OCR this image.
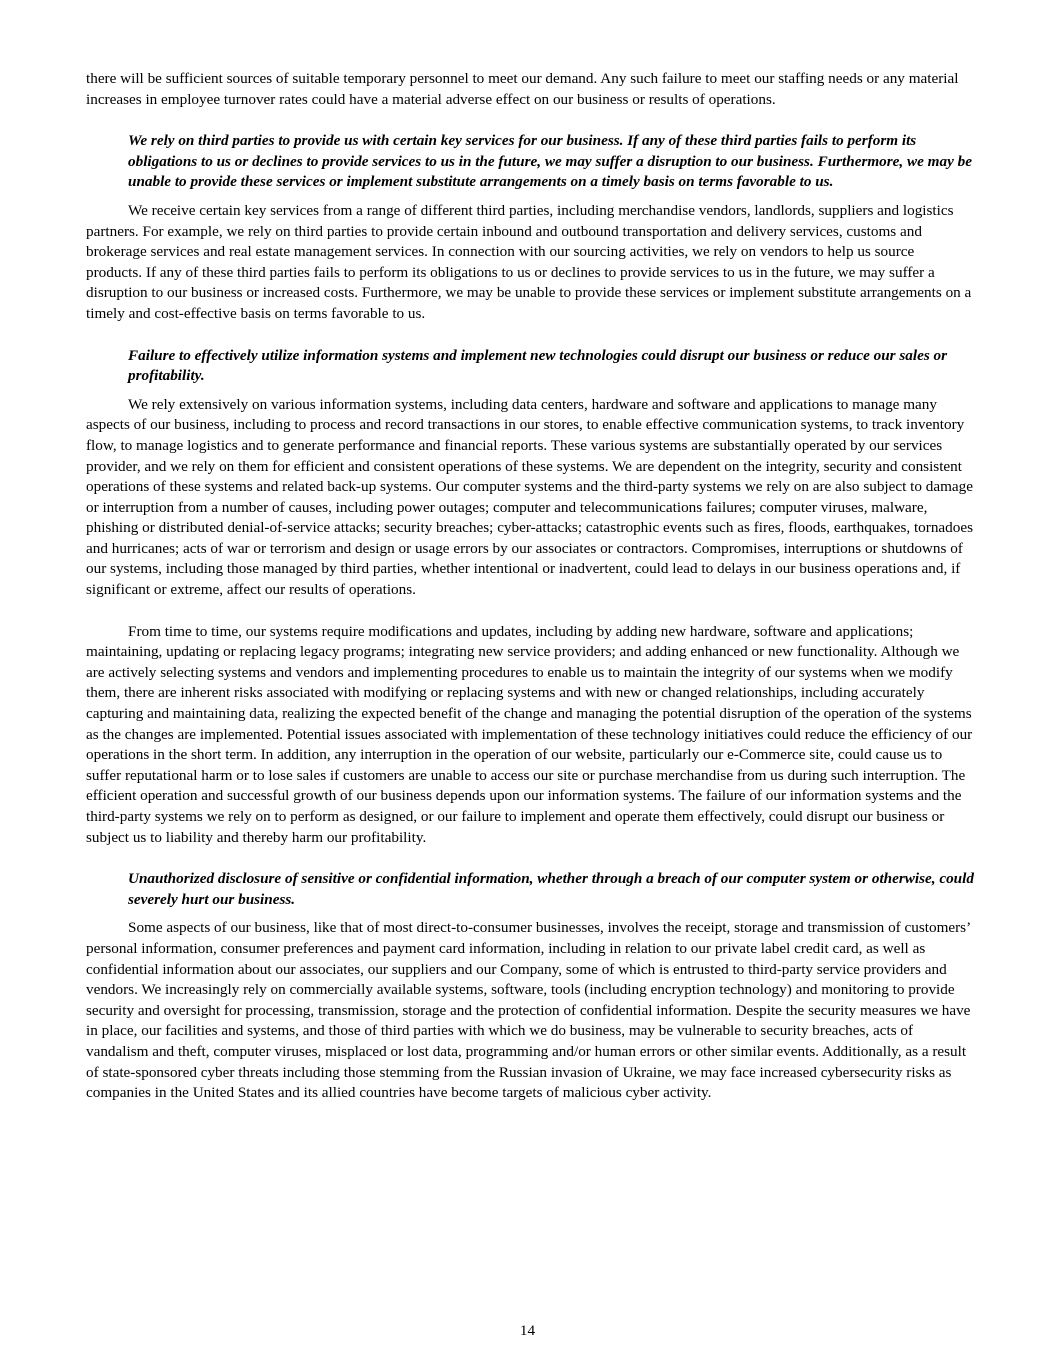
there will be sufficient sources of suitable temporary personnel to meet our demand. Any such failure to meet our staffing needs or any material increases in employee turnover rates could have a material adverse effect on our business or results of operations.

We rely on third parties to provide us with certain key services for our business. If any of these third parties fails to perform its obligations to us or declines to provide services to us in the future, we may suffer a disruption to our business. Furthermore, we may be unable to provide these services or implement substitute arrangements on a timely basis on terms favorable to us.

We receive certain key services from a range of different third parties, including merchandise vendors, landlords, suppliers and logistics partners. For example, we rely on third parties to provide certain inbound and outbound transportation and delivery services, customs and brokerage services and real estate management services. In connection with our sourcing activities, we rely on vendors to help us source products. If any of these third parties fails to perform its obligations to us or declines to provide services to us in the future, we may suffer a disruption to our business or increased costs. Furthermore, we may be unable to provide these services or implement substitute arrangements on a timely and cost-effective basis on terms favorable to us.

Failure to effectively utilize information systems and implement new technologies could disrupt our business or reduce our sales or profitability.

We rely extensively on various information systems, including data centers, hardware and software and applications to manage many aspects of our business, including to process and record transactions in our stores, to enable effective communication systems, to track inventory flow, to manage logistics and to generate performance and financial reports. These various systems are substantially operated by our services provider, and we rely on them for efficient and consistent operations of these systems. We are dependent on the integrity, security and consistent operations of these systems and related back-up systems. Our computer systems and the third-party systems we rely on are also subject to damage or interruption from a number of causes, including power outages; computer and telecommunications failures; computer viruses, malware, phishing or distributed denial-of-service attacks; security breaches; cyber-attacks; catastrophic events such as fires, floods, earthquakes, tornadoes and hurricanes; acts of war or terrorism and design or usage errors by our associates or contractors. Compromises, interruptions or shutdowns of our systems, including those managed by third parties, whether intentional or inadvertent, could lead to delays in our business operations and, if significant or extreme, affect our results of operations.

From time to time, our systems require modifications and updates, including by adding new hardware, software and applications; maintaining, updating or replacing legacy programs; integrating new service providers; and adding enhanced or new functionality. Although we are actively selecting systems and vendors and implementing procedures to enable us to maintain the integrity of our systems when we modify them, there are inherent risks associated with modifying or replacing systems and with new or changed relationships, including accurately capturing and maintaining data, realizing the expected benefit of the change and managing the potential disruption of the operation of the systems as the changes are implemented. Potential issues associated with implementation of these technology initiatives could reduce the efficiency of our operations in the short term. In addition, any interruption in the operation of our website, particularly our e-Commerce site, could cause us to suffer reputational harm or to lose sales if customers are unable to access our site or purchase merchandise from us during such interruption. The efficient operation and successful growth of our business depends upon our information systems. The failure of our information systems and the third-party systems we rely on to perform as designed, or our failure to implement and operate them effectively, could disrupt our business or subject us to liability and thereby harm our profitability.

Unauthorized disclosure of sensitive or confidential information, whether through a breach of our computer system or otherwise, could severely hurt our business.

Some aspects of our business, like that of most direct-to-consumer businesses, involves the receipt, storage and transmission of customers’ personal information, consumer preferences and payment card information, including in relation to our private label credit card, as well as confidential information about our associates, our suppliers and our Company, some of which is entrusted to third-party service providers and vendors. We increasingly rely on commercially available systems, software, tools (including encryption technology) and monitoring to provide security and oversight for processing, transmission, storage and the protection of confidential information. Despite the security measures we have in place, our facilities and systems, and those of third parties with which we do business, may be vulnerable to security breaches, acts of vandalism and theft, computer viruses, misplaced or lost data, programming and/or human errors or other similar events. Additionally, as a result of state-sponsored cyber threats including those stemming from the Russian invasion of Ukraine, we may face increased cybersecurity risks as companies in the United States and its allied countries have become targets of malicious cyber activity.

14
